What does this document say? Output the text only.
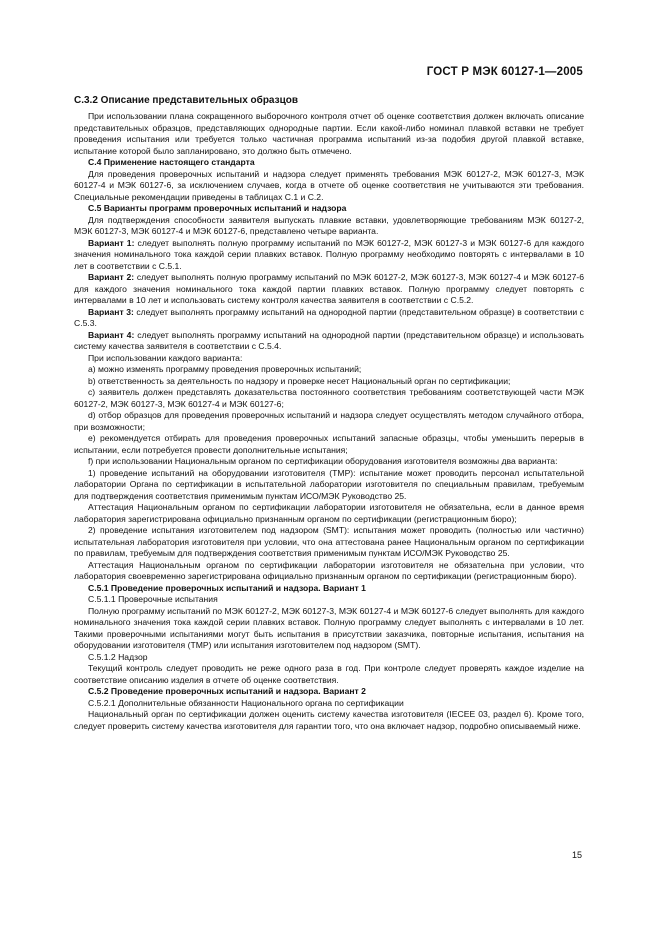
ГОСТ Р МЭК 60127-1—2005
C.3.2 Описание представительных образцов

При использовании плана сокращенного выборочного контроля отчет об оценке соответствия должен включать описание представительных образцов, представляющих однородные партии. Если какой-либо номинал плавкой вставки не требует проведения испытания или требуется только частичная программа испытаний из-за подобия другой плавкой вставке, испытание которой было запланировано, это должно быть отмечено.

C.4 Применение настоящего стандарта

Для проведения проверочных испытаний и надзора следует применять требования МЭК 60127-2, МЭК 60127-3, МЭК 60127-4 и МЭК 60127-6, за исключением случаев, когда в отчете об оценке соответствия не учитываются эти требования. Специальные рекомендации приведены в таблицах C.1 и C.2.

C.5 Варианты программ проверочных испытаний и надзора

Для подтверждения способности заявителя выпускать плавкие вставки, удовлетворяющие требованиям МЭК 60127-2, МЭК 60127-3, МЭК 60127-4 и МЭК 60127-6, представлено четыре варианта.

Вариант 1: следует выполнять полную программу испытаний по МЭК 60127-2, МЭК 60127-3 и МЭК 60127-6 для каждого значения номинального тока каждой серии плавких вставок. Полную программу необходимо повторять с интервалами в 10 лет в соответствии с C.5.1.

Вариант 2: следует выполнять полную программу испытаний по МЭК 60127-2, МЭК 60127-3, МЭК 60127-4 и МЭК 60127-6 для каждого значения номинального тока каждой партии плавких вставок. Полную программу следует повторять с интервалами в 10 лет и использовать систему контроля качества заявителя в соответствии с C.5.2.

Вариант 3: следует выполнять программу испытаний на однородной партии (представительном образце) в соответствии с C.5.3.

Вариант 4: следует выполнять программу испытаний на однородной партии (представительном образце) и использовать систему качества заявителя в соответствии с C.5.4.

При использовании каждого варианта:

a) можно изменять программу проведения проверочных испытаний;

b) ответственность за деятельность по надзору и проверке несет Национальный орган по сертификации;

c) заявитель должен представлять доказательства постоянного соответствия требованиям соответствующей части МЭК 60127-2, МЭК 60127-3, МЭК 60127-4 и МЭК 60127-6;

d) отбор образцов для проведения проверочных испытаний и надзора следует осуществлять методом случайного отбора, при возможности;

e) рекомендуется отбирать для проведения проверочных испытаний запасные образцы, чтобы уменьшить перерыв в испытании, если потребуется провести дополнительные испытания;

f) при использовании Национальным органом по сертификации оборудования изготовителя возможны два варианта:

1) проведение испытаний на оборудовании изготовителя (TMP): испытание может проводить персонал испытательной лаборатории Органа по сертификации в испытательной лаборатории изготовителя по специальным правилам, требуемым для подтверждения соответствия применимым пунктам ИСО/МЭК Руководство 25.

Аттестация Национальным органом по сертификации лаборатории изготовителя не обязательна, если в данное время лаборатория зарегистрирована официально признанным органом по сертификации (регистрационным бюро);

2) проведение испытания изготовителем под надзором (SMT): испытания может проводить (полностью или частично) испытательная лаборатория изготовителя при условии, что она аттестована ранее Национальным органом по сертификации по правилам, требуемым для подтверждения соответствия применимым пунктам ИСО/МЭК Руководство 25.

Аттестация Национальным органом по сертификации лаборатории изготовителя не обязательна при условии, что лаборатория своевременно зарегистрирована официально признанным органом по сертификации (регистрационным бюро).

C.5.1 Проведение проверочных испытаний и надзора. Вариант 1

C.5.1.1 Проверочные испытания

Полную программу испытаний по МЭК 60127-2, МЭК 60127-3, МЭК 60127-4 и МЭК 60127-6 следует выполнять для каждого номинального значения тока каждой серии плавких вставок. Полную программу следует выполнять с интервалами в 10 лет. Такими проверочными испытаниями могут быть испытания в присутствии заказчика, повторные испытания, испытания на оборудовании изготовителя (TMP) или испытания изготовителем под надзором (SMT).

C.5.1.2 Надзор

Текущий контроль следует проводить не реже одного раза в год. При контроле следует проверять каждое изделие на соответствие описанию изделия в отчете об оценке соответствия.

C.5.2 Проведение проверочных испытаний и надзора. Вариант 2

C.5.2.1 Дополнительные обязанности Национального органа по сертификации

Национальный орган по сертификации должен оценить систему качества изготовителя (IECEE 03, раздел 6). Кроме того, следует проверить систему качества изготовителя для гарантии того, что она включает надзор, подробно описываемый ниже.

15
